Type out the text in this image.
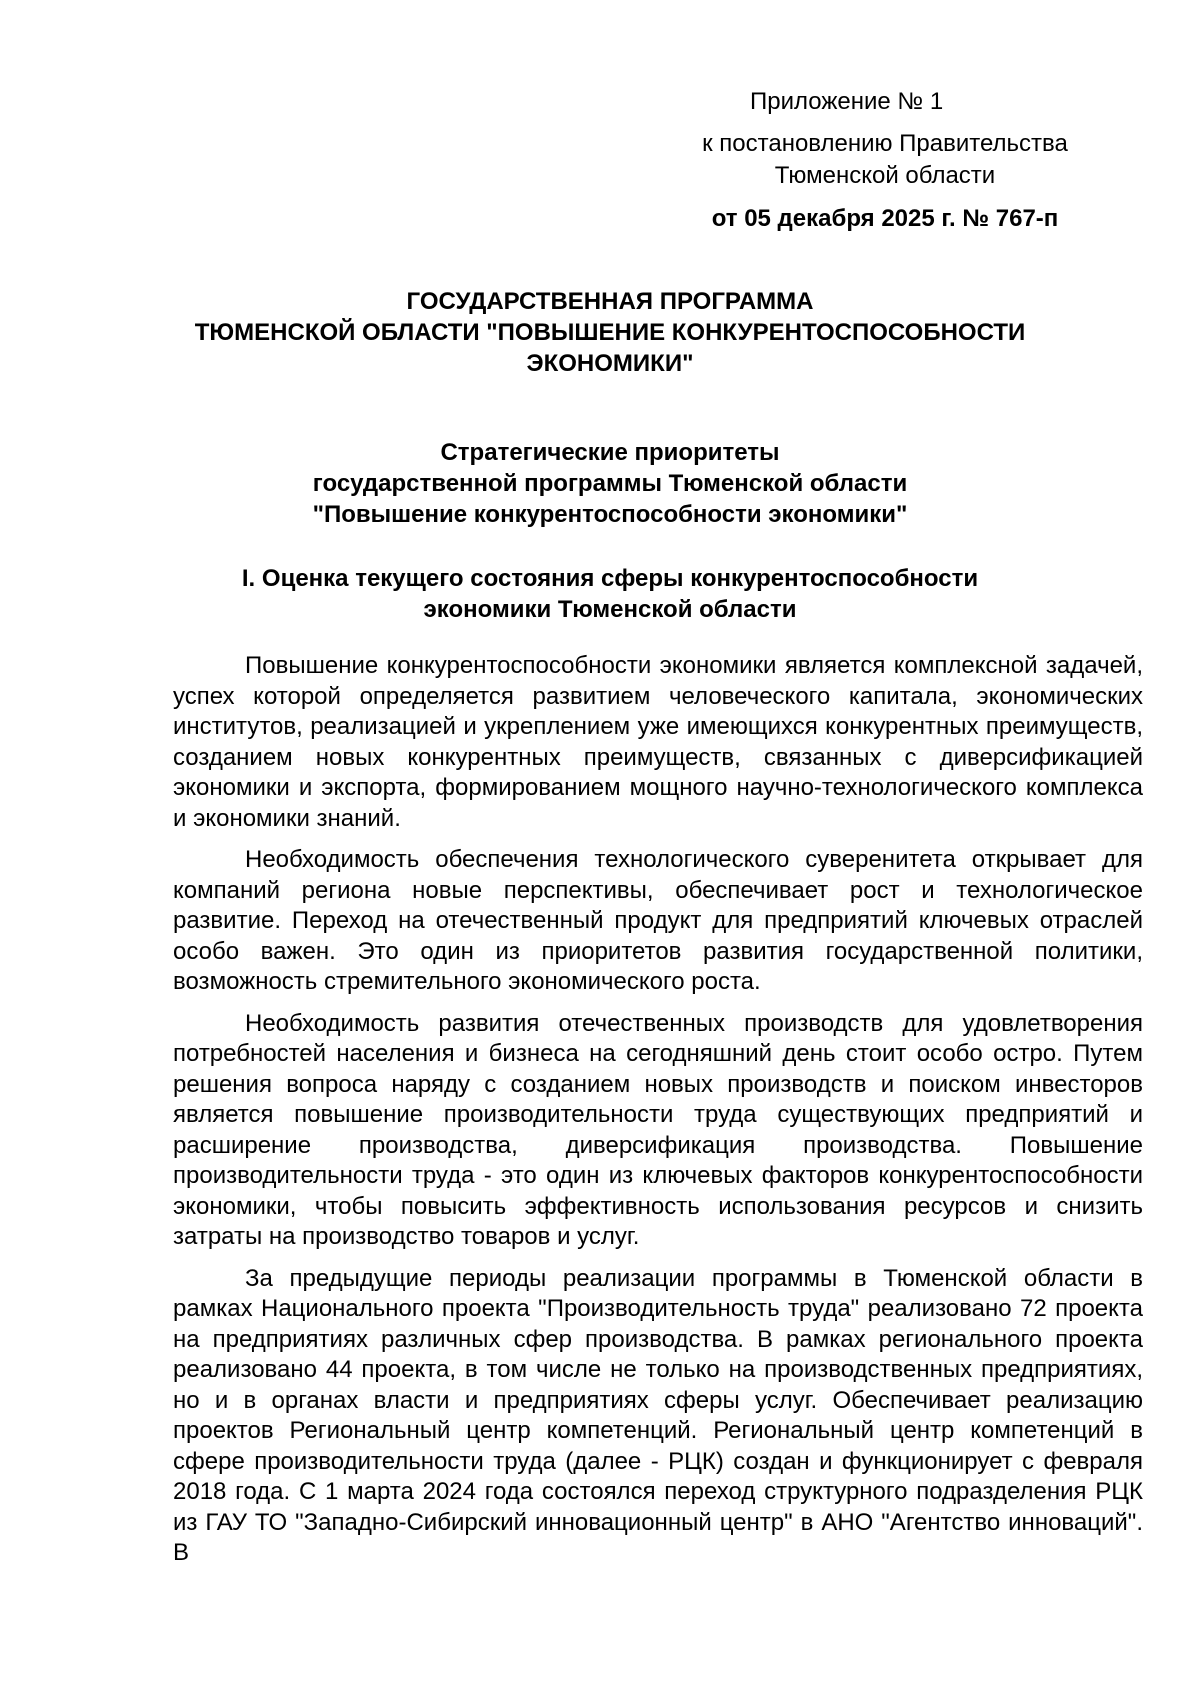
Приложение № 1
к постановлению Правительства
Тюменской области
от 05 декабря 2025 г. № 767-п
ГОСУДАРСТВЕННАЯ ПРОГРАММА
ТЮМЕНСКОЙ ОБЛАСТИ "ПОВЫШЕНИЕ КОНКУРЕНТОСПОСОБНОСТИ
ЭКОНОМИКИ"
Стратегические приоритеты
государственной программы Тюменской области
"Повышение конкурентоспособности экономики"
I. Оценка текущего состояния сферы конкурентоспособности
экономики Тюменской области

Повышение конкурентоспособности экономики является комплексной задачей, успех которой определяется развитием человеческого капитала, экономических институтов, реализацией и укреплением уже имеющихся конкурентных преимуществ, созданием новых конкурентных преимуществ, связанных с диверсификацией экономики и экспорта, формированием мощного научно-технологического комплекса и экономики знаний.

Необходимость обеспечения технологического суверенитета открывает для компаний региона новые перспективы, обеспечивает рост и технологическое развитие. Переход на отечественный продукт для предприятий ключевых отраслей особо важен. Это один из приоритетов развития государственной политики, возможность стремительного экономического роста.

Необходимость развития отечественных производств для удовлетворения потребностей населения и бизнеса на сегодняшний день стоит особо остро. Путем решения вопроса наряду с созданием новых производств и поиском инвесторов является повышение производительности труда существующих предприятий и расширение производства, диверсификация производства. Повышение производительности труда - это один из ключевых факторов конкурентоспособности экономики, чтобы повысить эффективность использования ресурсов и снизить затраты на производство товаров и услуг.

За предыдущие периоды реализации программы в Тюменской области в рамках Национального проекта "Производительность труда" реализовано 72 проекта на предприятиях различных сфер производства. В рамках регионального проекта реализовано 44 проекта, в том числе не только на производственных предприятиях, но и в органах власти и предприятиях сферы услуг. Обеспечивает реализацию проектов Региональный центр компетенций. Региональный центр компетенций в сфере производительности труда (далее - РЦК) создан и функционирует с февраля 2018 года. С 1 марта 2024 года состоялся переход структурного подразделения РЦК из ГАУ ТО "Западно-Сибирский инновационный центр" в АНО "Агентство инноваций". В
